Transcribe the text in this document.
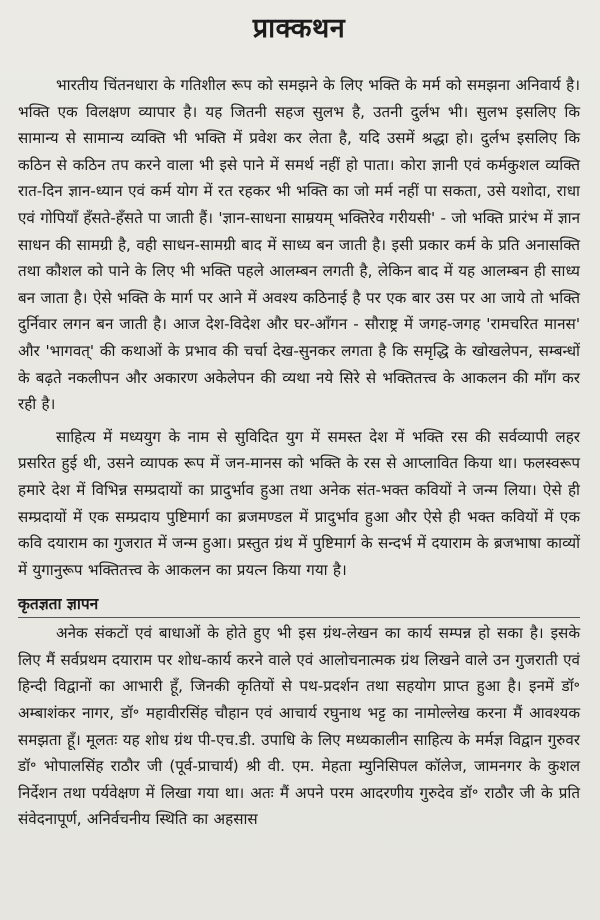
प्राक्कथन

भारतीय चिंतनधारा के गतिशील रूप को समझने के लिए भक्ति के मर्म को समझना अनिवार्य है। भक्ति एक विलक्षण व्यापार है। यह जितनी सहज सुलभ है, उतनी दुर्लभ भी। सुलभ इसलिए कि सामान्य से सामान्य व्यक्ति भी भक्ति में प्रवेश कर लेता है, यदि उसमें श्रद्धा हो। दुर्लभ इसलिए कि कठिन से कठिन तप करने वाला भी इसे पाने में समर्थ नहीं हो पाता। कोरा ज्ञानी एवं कर्मकुशल व्यक्ति रात-दिन ज्ञान-ध्यान एवं कर्म योग में रत रहकर भी भक्ति का जो मर्म नहीं पा सकता, उसे यशोदा, राधा एवं गोपियाँ हँसते-हँसते पा जाती हैं। 'ज्ञान-साधना साम्रयम् भक्तिरेव गरीयसी' - जो भक्ति प्रारंभ में ज्ञान साधन की सामग्री है, वही साधन-सामग्री बाद में साध्य बन जाती है। इसी प्रकार कर्म के प्रति अनासक्ति तथा कौशल को पाने के लिए भी भक्ति पहले आलम्बन लगती है, लेकिन बाद में यह आलम्बन ही साध्य बन जाता है। ऐसे भक्ति के मार्ग पर आने में अवश्य कठिनाई है पर एक बार उस पर आ जाये तो भक्ति दुर्निवार लगन बन जाती है। आज देश-विदेश और घर-आँगन - सौराष्ट्र में जगह-जगह 'रामचरित मानस' और 'भागवत्' की कथाओं के प्रभाव की चर्चा देख-सुनकर लगता है कि समृद्धि के खोखलेपन, सम्बन्धों के बढ़ते नकलीपन और अकारण अकेलेपन की व्यथा नये सिरे से भक्तितत्त्व के आकलन की माँग कर रही है।

साहित्य में मध्ययुग के नाम से सुविदित युग में समस्त देश में भक्ति रस की सर्वव्यापी लहर प्रसरित हुई थी, उसने व्यापक रूप में जन-मानस को भक्ति के रस से आप्लावित किया था। फलस्वरूप हमारे देश में विभिन्न सम्प्रदायों का प्रादुर्भाव हुआ तथा अनेक संत-भक्त कवियों ने जन्म लिया। ऐसे ही सम्प्रदायों में एक सम्प्रदाय पुष्टिमार्ग का ब्रजमण्डल में प्रादुर्भाव हुआ और ऐसे ही भक्त कवियों में एक कवि दयाराम का गुजरात में जन्म हुआ। प्रस्तुत ग्रंथ में पुष्टिमार्ग के सन्दर्भ में दयाराम के ब्रजभाषा काव्यों में युगानुरूप भक्तितत्त्व के आकलन का प्रयत्न किया गया है।

कृतज्ञता ज्ञापन

अनेक संकटों एवं बाधाओं के होते हुए भी इस ग्रंथ-लेखन का कार्य सम्पन्न हो सका है। इसके लिए मैं सर्वप्रथम दयाराम पर शोध-कार्य करने वाले एवं आलोचनात्मक ग्रंथ लिखने वाले उन गुजराती एवं हिन्दी विद्वानों का आभारी हूँ, जिनकी कृतियों से पथ-प्रदर्शन तथा सहयोग प्राप्त हुआ है। इनमें डॉ॰ अम्बाशंकर नागर, डॉ॰ महावीरसिंह चौहान एवं आचार्य रघुनाथ भट्ट का नामोल्लेख करना मैं आवश्यक समझता हूँ। मूलतः यह शोध ग्रंथ पी-एच.डी. उपाधि के लिए मध्यकालीन साहित्य के मर्मज्ञ विद्वान गुरुवर डॉ॰ भोपालसिंह राठौर जी (पूर्व-प्राचार्य) श्री वी. एम. मेहता म्युनिसिपल कॉलेज, जामनगर के कुशल निर्देशन तथा पर्यवेक्षण में लिखा गया था। अतः मैं अपने परम आदरणीय गुरुदेव डॉ॰ राठौर जी के प्रति संवेदनापूर्ण, अनिर्वचनीय स्थिति का अहसास
